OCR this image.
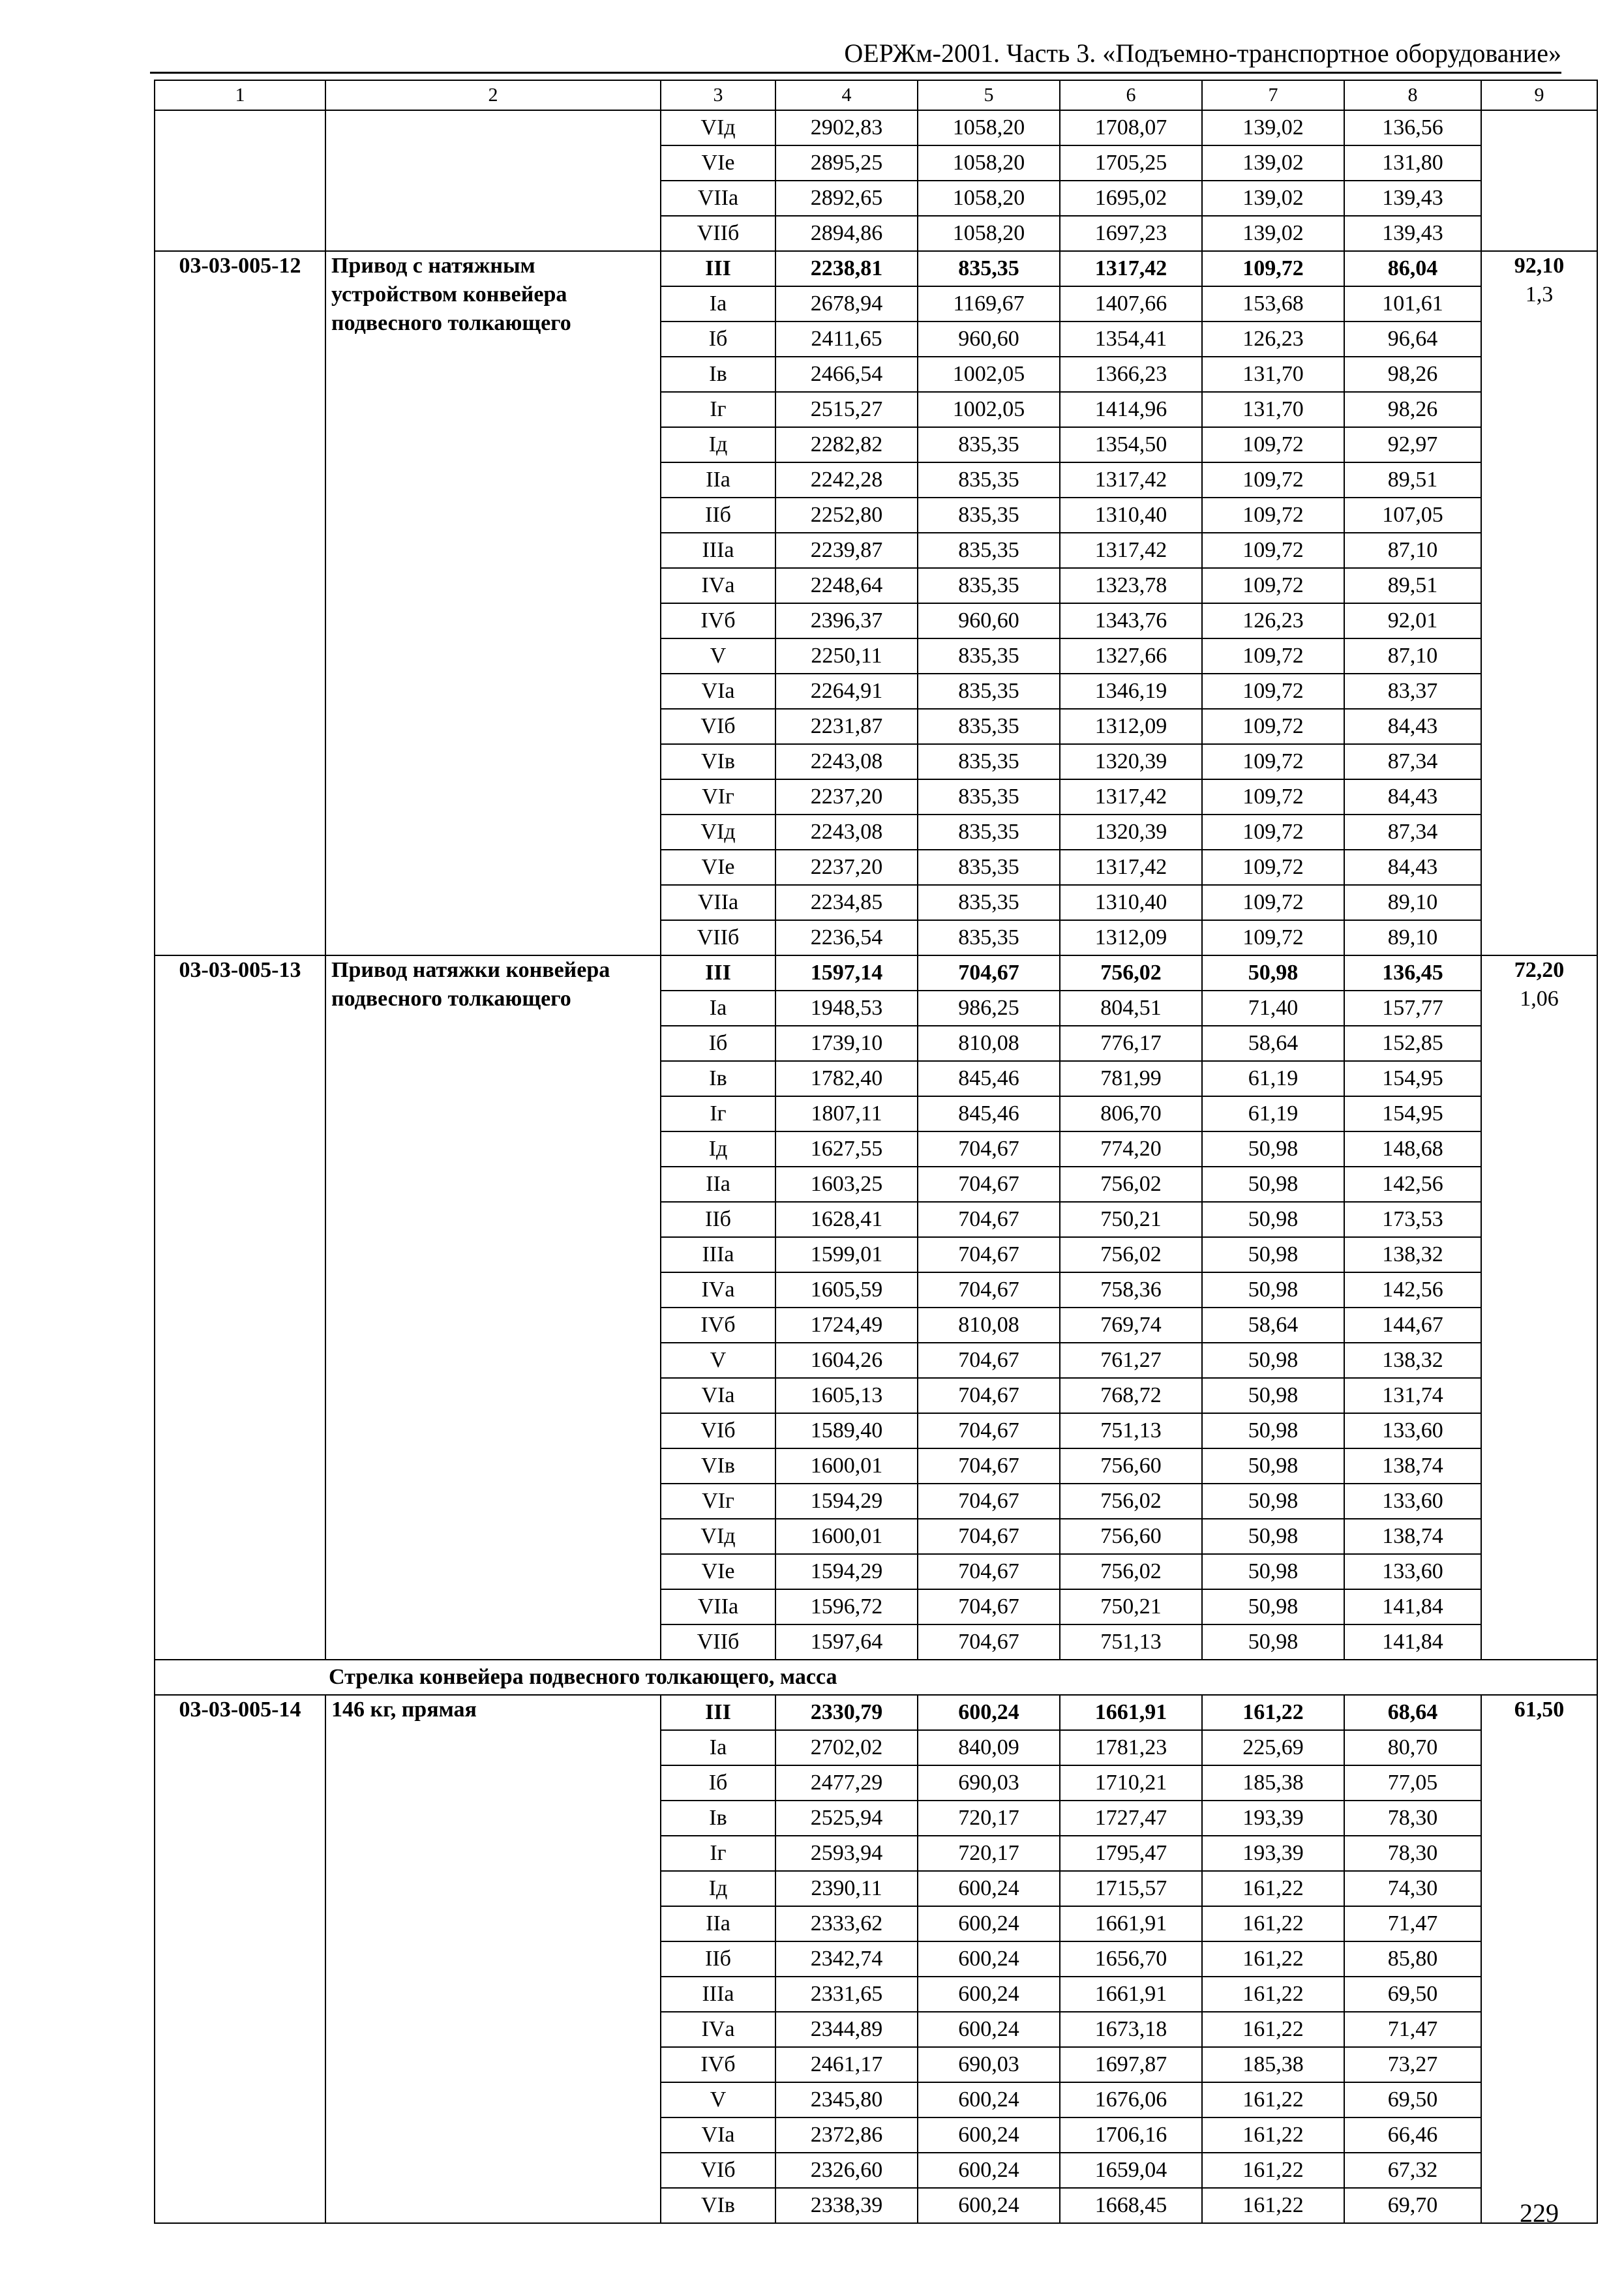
ОЕРЖм-2001. Часть 3. «Подъемно-транспортное оборудование»
1	2	3	4	5	6	7	8	9
		VIд	2902,83	1058,20	1708,07	139,02	136,56	
		VIе	2895,25	1058,20	1705,25	139,02	131,80	
		VIIа	2892,65	1058,20	1695,02	139,02	139,43	
		VIIб	2894,86	1058,20	1697,23	139,02	139,43	
03-03-005-12	Привод с натяжным устройством конвейера подвесного толкающего	III	2238,81	835,35	1317,42	109,72	86,04	92,10
1,3

		Iа	2678,94	1169,67	1407,66	153,68	101,61	
		Iб	2411,65	960,60	1354,41	126,23	96,64	
		Iв	2466,54	1002,05	1366,23	131,70	98,26	
		Iг	2515,27	1002,05	1414,96	131,70	98,26	
		Iд	2282,82	835,35	1354,50	109,72	92,97	
		IIа	2242,28	835,35	1317,42	109,72	89,51	
		IIб	2252,80	835,35	1310,40	109,72	107,05	
		IIIа	2239,87	835,35	1317,42	109,72	87,10	
		IVа	2248,64	835,35	1323,78	109,72	89,51	
		IVб	2396,37	960,60	1343,76	126,23	92,01	
		V	2250,11	835,35	1327,66	109,72	87,10	
		VIа	2264,91	835,35	1346,19	109,72	83,37	
		VIб	2231,87	835,35	1312,09	109,72	84,43	
		VIв	2243,08	835,35	1320,39	109,72	87,34	
		VIг	2237,20	835,35	1317,42	109,72	84,43	
		VIд	2243,08	835,35	1320,39	109,72	87,34	
		VIе	2237,20	835,35	1317,42	109,72	84,43	
		VIIа	2234,85	835,35	1310,40	109,72	89,10	
		VIIб	2236,54	835,35	1312,09	109,72	89,10	
03-03-005-13	Привод натяжки конвейера подвесного толкающего	III	1597,14	704,67	756,02	50,98	136,45	72,20
1,06

		Iа	1948,53	986,25	804,51	71,40	157,77	
		Iб	1739,10	810,08	776,17	58,64	152,85	
		Iв	1782,40	845,46	781,99	61,19	154,95	
		Iг	1807,11	845,46	806,70	61,19	154,95	
		Iд	1627,55	704,67	774,20	50,98	148,68	
		IIа	1603,25	704,67	756,02	50,98	142,56	
		IIб	1628,41	704,67	750,21	50,98	173,53	
		IIIа	1599,01	704,67	756,02	50,98	138,32	
		IVа	1605,59	704,67	758,36	50,98	142,56	
		IVб	1724,49	810,08	769,74	58,64	144,67	
		V	1604,26	704,67	761,27	50,98	138,32	
		VIа	1605,13	704,67	768,72	50,98	131,74	
		VIб	1589,40	704,67	751,13	50,98	133,60	
		VIв	1600,01	704,67	756,60	50,98	138,74	
		VIг	1594,29	704,67	756,02	50,98	133,60	
		VIд	1600,01	704,67	756,60	50,98	138,74	
		VIе	1594,29	704,67	756,02	50,98	133,60	
		VIIа	1596,72	704,67	750,21	50,98	141,84	
		VIIб	1597,64	704,67	751,13	50,98	141,84	
Стрелка конвейера подвесного толкающего, масса								
03-03-005-14	146 кг, прямая	III	2330,79	600,24	1661,91	161,22	68,64	61,50

		Iа	2702,02	840,09	1781,23	225,69	80,70	
		Iб	2477,29	690,03	1710,21	185,38	77,05	
		Iв	2525,94	720,17	1727,47	193,39	78,30	
		Iг	2593,94	720,17	1795,47	193,39	78,30	
		Iд	2390,11	600,24	1715,57	161,22	74,30	
		IIа	2333,62	600,24	1661,91	161,22	71,47	
		IIб	2342,74	600,24	1656,70	161,22	85,80	
		IIIа	2331,65	600,24	1661,91	161,22	69,50	
		IVа	2344,89	600,24	1673,18	161,22	71,47	
		IVб	2461,17	690,03	1697,87	185,38	73,27	
		V	2345,80	600,24	1676,06	161,22	69,50	
		VIа	2372,86	600,24	1706,16	161,22	66,46	
		VIб	2326,60	600,24	1659,04	161,22	67,32	
		VIв	2338,39	600,24	1668,45	161,22	69,70		229
